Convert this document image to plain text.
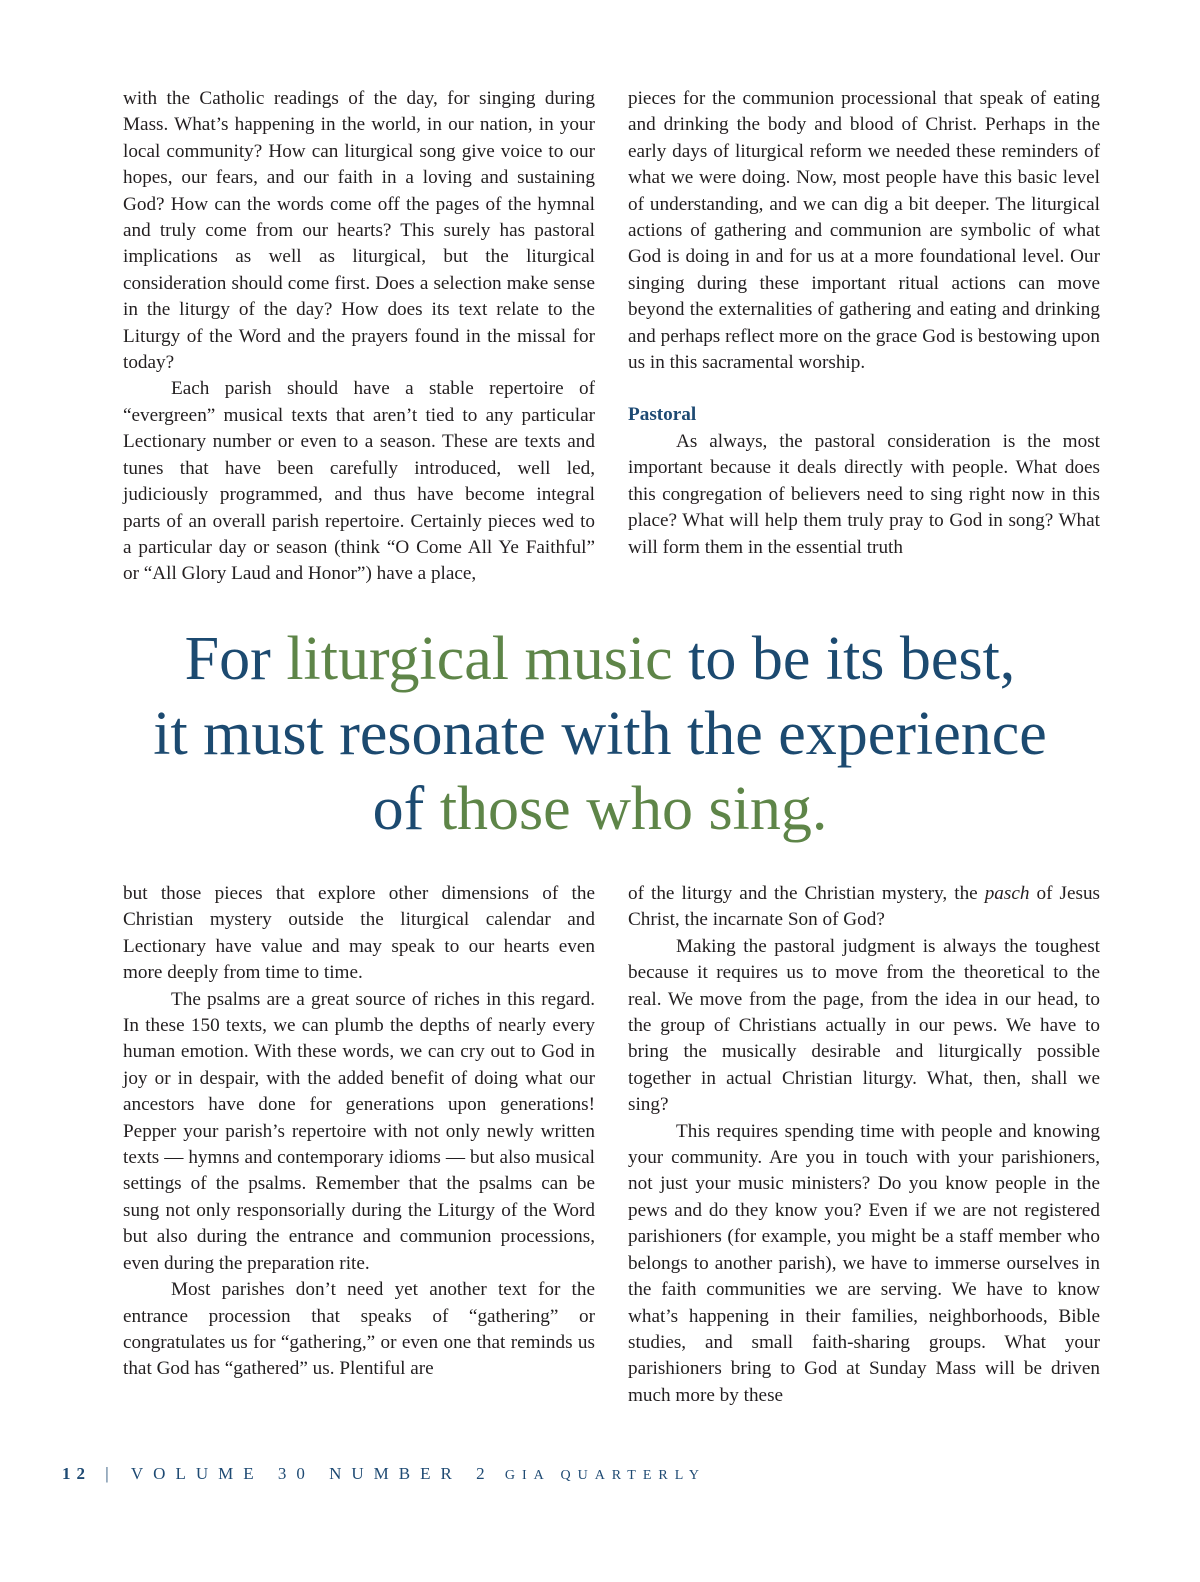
with the Catholic readings of the day, for singing during Mass. What’s happening in the world, in our nation, in your local community? How can liturgical song give voice to our hopes, our fears, and our faith in a loving and sustaining God? How can the words come off the pages of the hymnal and truly come from our hearts? This surely has pastoral implications as well as liturgical, but the liturgical consideration should come first. Does a selection make sense in the liturgy of the day? How does its text relate to the Liturgy of the Word and the prayers found in the missal for today?

Each parish should have a stable repertoire of “evergreen” musical texts that aren’t tied to any particular Lectionary number or even to a season. These are texts and tunes that have been carefully introduced, well led, judiciously programmed, and thus have become integral parts of an overall parish repertoire. Certainly pieces wed to a particular day or season (think “O Come All Ye Faithful” or “All Glory Laud and Honor”) have a place,

pieces for the communion processional that speak of eating and drinking the body and blood of Christ. Perhaps in the early days of liturgical reform we needed these reminders of what we were doing. Now, most people have this basic level of understanding, and we can dig a bit deeper. The liturgical actions of gathering and communion are symbolic of what God is doing in and for us at a more foundational level. Our singing during these important ritual actions can move beyond the externalities of gathering and eating and drinking and perhaps reflect more on the grace God is bestowing upon us in this sacramental worship.

Pastoral

As always, the pastoral consideration is the most important because it deals directly with people. What does this congregation of believers need to sing right now in this place? What will help them truly pray to God in song? What will form them in the essential truth

For liturgical music to be its best,
it must resonate with the experience
of those who sing.

but those pieces that explore other dimensions of the Christian mystery outside the liturgical calendar and Lectionary have value and may speak to our hearts even more deeply from time to time.

The psalms are a great source of riches in this regard. In these 150 texts, we can plumb the depths of nearly every human emotion. With these words, we can cry out to God in joy or in despair, with the added benefit of doing what our ancestors have done for generations upon generations! Pepper your parish’s repertoire with not only newly written texts — hymns and contemporary idioms — but also musical settings of the psalms. Remember that the psalms can be sung not only responsorially during the Liturgy of the Word but also during the entrance and communion processions, even during the preparation rite.

Most parishes don’t need yet another text for the entrance procession that speaks of “gathering” or congratulates us for “gathering,” or even one that reminds us that God has “gathered” us. Plentiful are

of the liturgy and the Christian mystery, the pasch of Jesus Christ, the incarnate Son of God?

Making the pastoral judgment is always the toughest because it requires us to move from the theoretical to the real. We move from the page, from the idea in our head, to the group of Christians actually in our pews. We have to bring the musically desirable and liturgically possible together in actual Christian liturgy. What, then, shall we sing?

This requires spending time with people and knowing your community. Are you in touch with your parishioners, not just your music ministers? Do you know people in the pews and do they know you? Even if we are not registered parishioners (for example, you might be a staff member who belongs to another parish), we have to immerse ourselves in the faith communities we are serving. We have to know what’s happening in their families, neighborhoods, Bible studies, and small faith-sharing groups. What your parishioners bring to God at Sunday Mass will be driven much more by these

12 | VOLUME 30 NUMBER 2 GIA QUARTERLY
